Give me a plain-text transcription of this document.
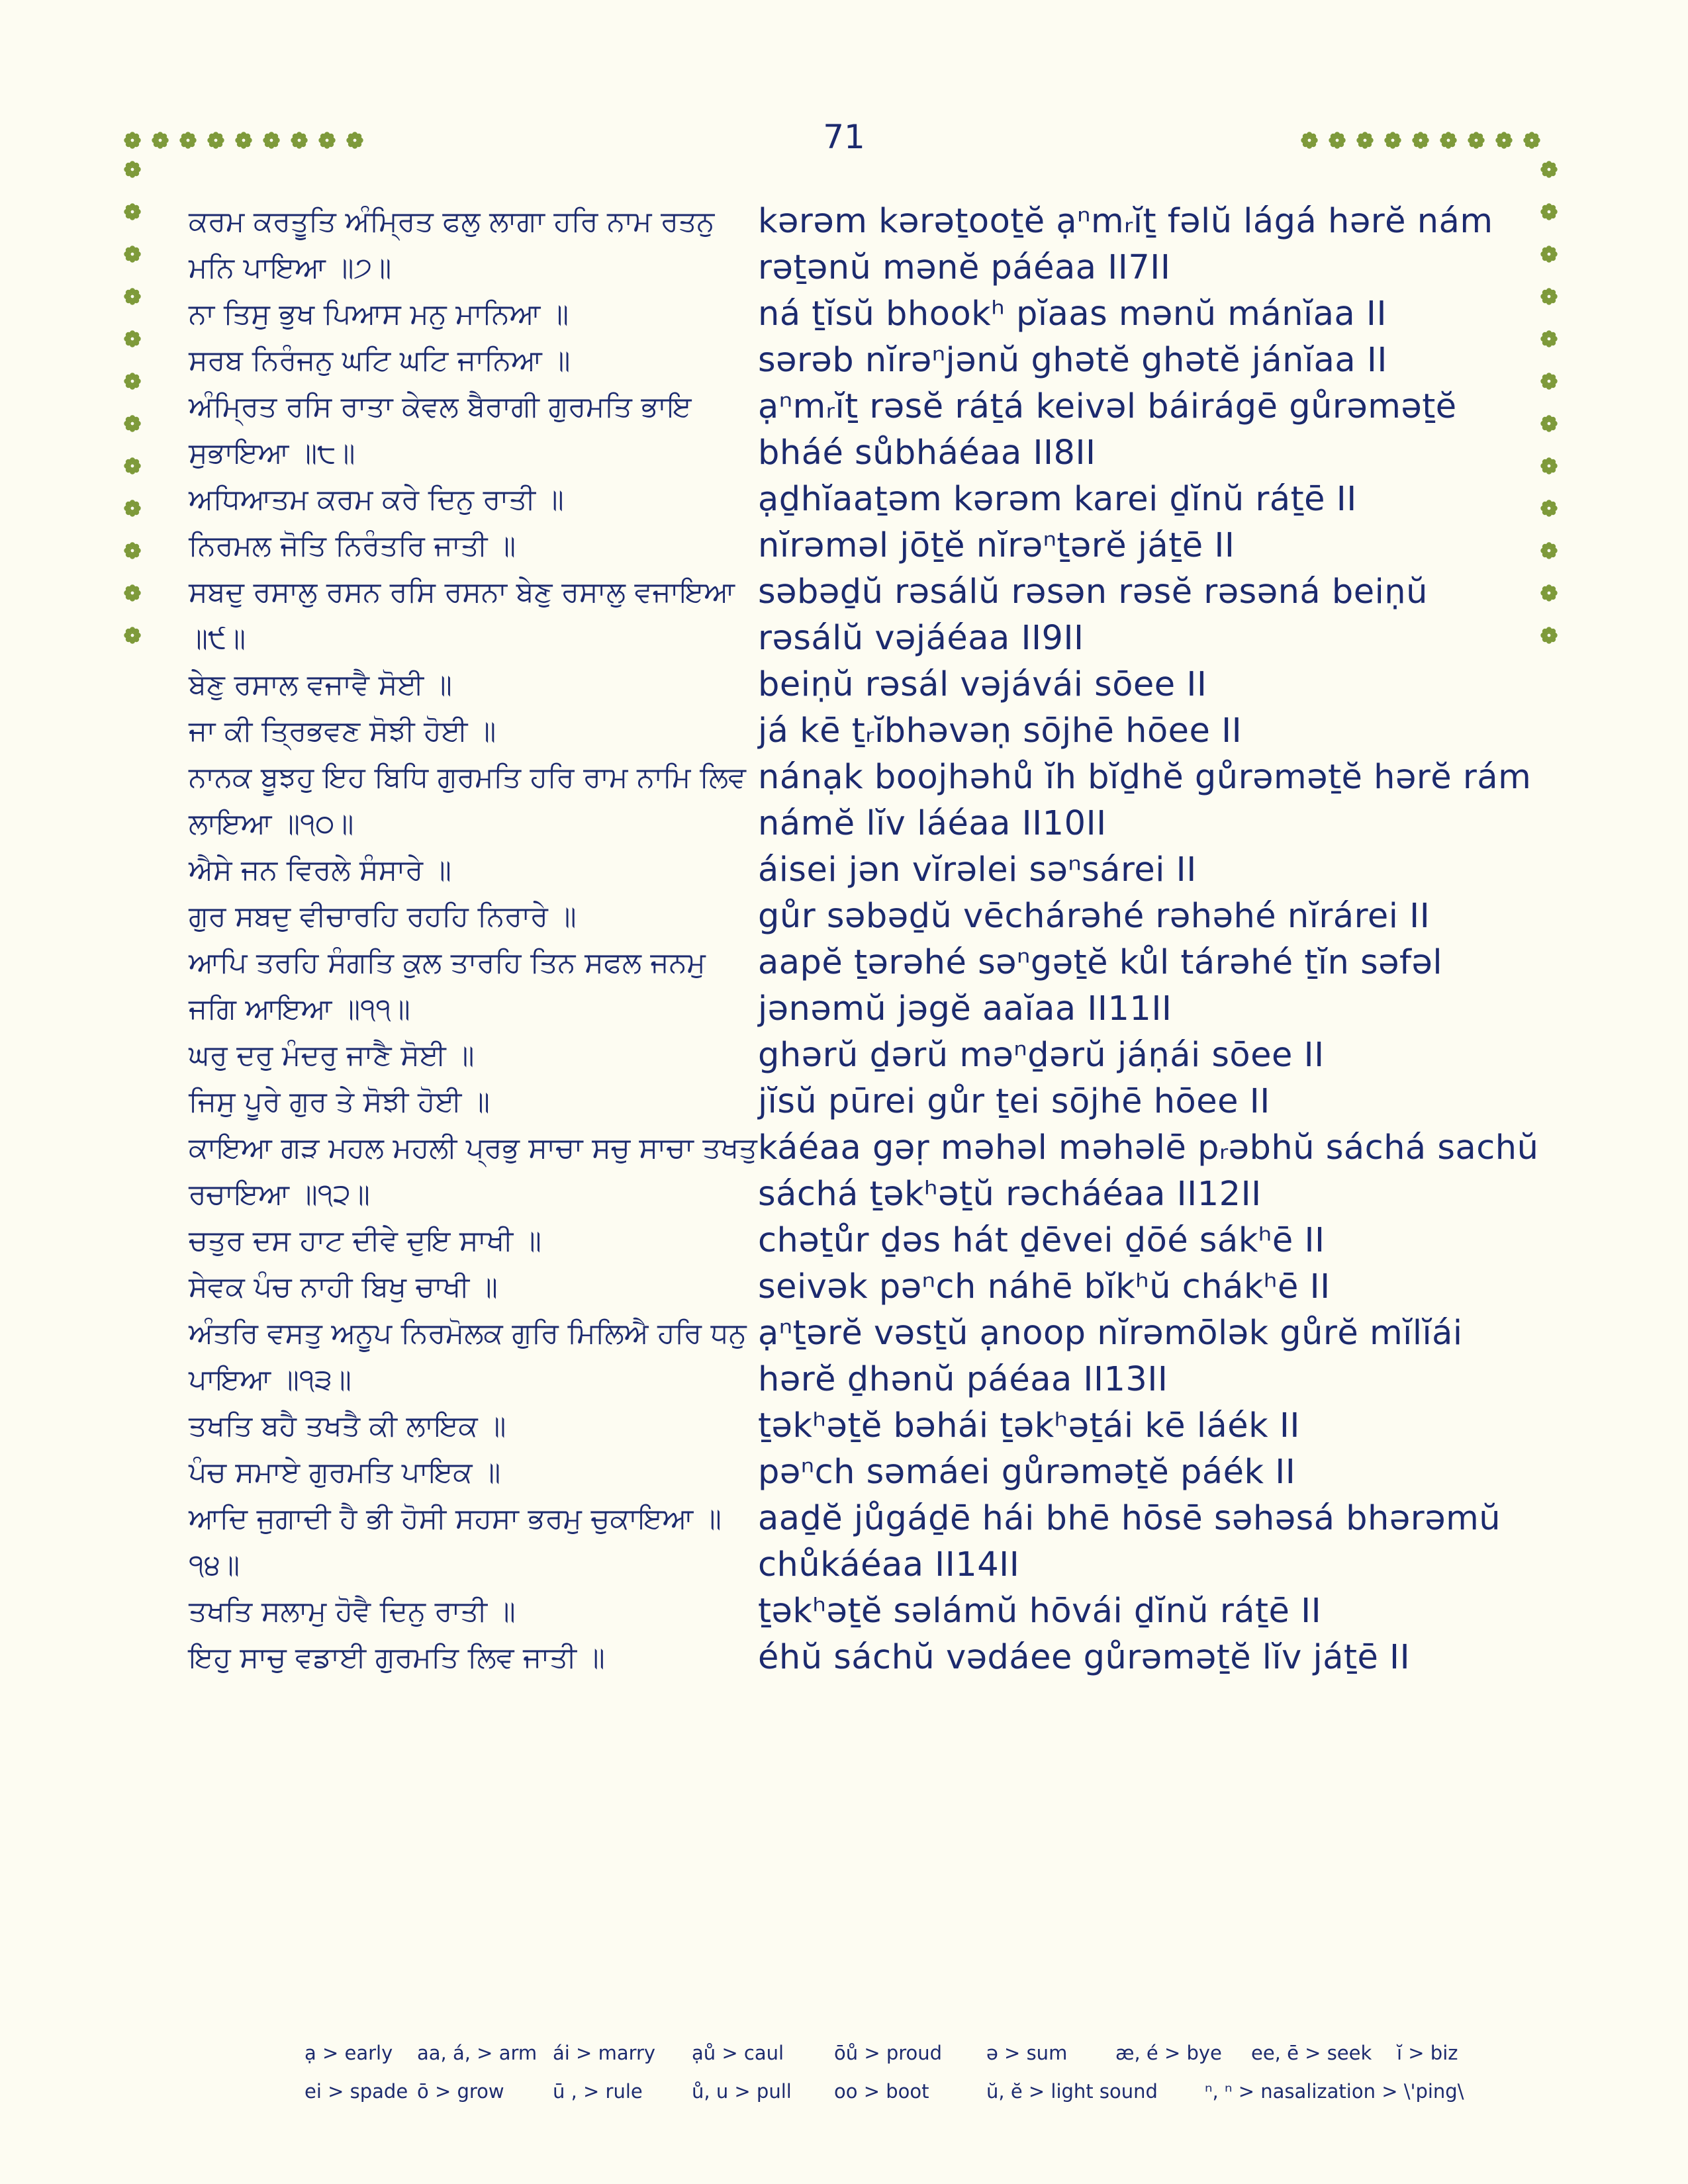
71
ਕਰਮ ਕਰਤੂਤਿ ਅੰਮ੍ਰਿਤ ਫਲੁ ਲਾਗਾ ਹਰਿ ਨਾਮ ਰਤਨੁ ਮਨਿ ਪਾਇਆ ॥੭॥
kərəm kərəṯooṯĕ ạⁿmᵣĭṯ fəlŭ lágá hərĕ nám rəṯənŭ mənĕ páéaa II7II
ਨਾ ਤਿਸੁ ਭੁਖ ਪਿਆਸ ਮਨੁ ਮਾਨਿਆ ॥	ná ṯĭsŭ bhookʰ pĭaas mənŭ mánĭaa II
ਸਰਬ ਨਿਰੰਜਨੁ ਘਟਿ ਘਟਿ ਜਾਨਿਆ ॥	sərəb nĭrəⁿjənŭ ghətĕ ghətĕ jánĭaa II
ਅੰਮ੍ਰਿਤ ਰਸਿ ਰਾਤਾ ਕੇਵਲ ਬੈਰਾਗੀ ਗੁਰਮਤਿ ਭਾਇ ਸੁਭਾਇਆ ॥੮॥
ạⁿmᵣĭṯ rəsĕ ráṯá keivəl báirágē gůrəməṯĕ bháé sůbháéaa II8II
ਅਧਿਆਤਮ ਕਰਮ ਕਰੇ ਦਿਨੁ ਰਾਤੀ ॥	ạḏhĭaaṯəm kərəm karei ḏĭnŭ ráṯē II
ਨਿਰਮਲ ਜੋਤਿ ਨਿਰੰਤਰਿ ਜਾਤੀ ॥	nĭrəməl jōṯĕ nĭrəⁿṯərĕ jáṯē II
ਸਬਦੁ ਰਸਾਲੁ ਰਸਨ ਰਸਿ ਰਸਨਾ ਬੇਣੁ ਰਸਾਲੁ ਵਜਾਇਆ ॥੯॥
səbəḏŭ rəsálŭ rəsən rəsĕ rəsəná beiṇŭ rəsálŭ vəjáéaa II9II
ਬੇਣੁ ਰਸਾਲ ਵਜਾਵੈ ਸੋਈ ॥	beiṇŭ rəsál vəjávái sōee II
ਜਾ ਕੀ ਤ੍ਰਿਭਵਣ ਸੋਝੀ ਹੋਈ ॥	já kē ṯᵣĭbhəvəṇ sōjhē hōee II
ਨਾਨਕ ਬੂਝਹੁ ਇਹ ਬਿਧਿ ਗੁਰਮਤਿ ਹਰਿ ਰਾਮ ਨਾਮਿ ਲਿਵ ਲਾਇਆ ॥੧੦॥
nánạk boojhəhů ĭh bĭḏhĕ gůrəməṯĕ hərĕ rám námĕ lĭv láéaa II10II
ਐਸੇ ਜਨ ਵਿਰਲੇ ਸੰਸਾਰੇ ॥	áisei jən vĭrəlei səⁿsárei II
ਗੁਰ ਸਬਦੁ ਵੀਚਾਰਹਿ ਰਹਹਿ ਨਿਰਾਰੇ ॥	gůr səbəḏŭ vēchárəhé rəhəhé nĭrárei II
ਆਪਿ ਤਰਹਿ ਸੰਗਤਿ ਕੁਲ ਤਾਰਹਿ ਤਿਨ ਸਫਲ ਜਨਮੁ ਜਗਿ ਆਇਆ ॥੧੧॥
aapĕ ṯərəhé səⁿgəṯĕ kůl tárəhé ṯĭn səfəl jənəmŭ jəgĕ aaĭaa II11II
ਘਰੁ ਦਰੁ ਮੰਦਰੁ ਜਾਣੈ ਸੋਈ ॥	ghərŭ ḏərŭ məⁿḏərŭ jáṇái sōee II
ਜਿਸੁ ਪੂਰੇ ਗੁਰ ਤੇ ਸੋਝੀ ਹੋਈ ॥	jĭsŭ pūrei gůr ṯei sōjhē hōee II
ਕਾਇਆ ਗੜ ਮਹਲ ਮਹਲੀ ਪ੍ਰਭੁ ਸਾਚਾ ਸਚੁ ਸਾਚਾ ਤਖਤੁ ਰਚਾਇਆ ॥੧੨॥
káéaa gəṛ məhəl məhəlē pᵣəbhŭ sáchá sachŭ sáchá ṯəkʰəṯŭ rəcháéaa II12II
ਚਤੁਰ ਦਸ ਹਾਟ ਦੀਵੇ ਦੁਇ ਸਾਖੀ ॥	chəṯůr ḏəs hát ḏēvei ḏōé sákʰē II
ਸੇਵਕ ਪੰਚ ਨਾਹੀ ਬਿਖੁ ਚਾਖੀ ॥	seivək pəⁿch náhē bĭkʰŭ chákʰē II
ਅੰਤਰਿ ਵਸਤੁ ਅਨੂਪ ਨਿਰਮੋਲਕ ਗੁਰਿ ਮਿਲਿਐ ਹਰਿ ਧਨੁ ਪਾਇਆ ॥੧੩॥
ạⁿṯərĕ vəsṯŭ ạnoop nĭrəmōlək gůrĕ mĭlĭái hərĕ ḏhənŭ páéaa II13II
ਤਖਤਿ ਬਹੈ ਤਖਤੈ ਕੀ ਲਾਇਕ ॥	ṯəkʰəṯĕ bəhái ṯəkʰəṯái kē láék II
ਪੰਚ ਸਮਾਏ ਗੁਰਮਤਿ ਪਾਇਕ ॥	pəⁿch səmáei gůrəməṯĕ páék II
ਆਦਿ ਜੁਗਾਦੀ ਹੈ ਭੀ ਹੋਸੀ ਸਹਸਾ ਭਰਮੁ ਚੁਕਾਇਆ ॥੧੪॥
aaḏĕ jůgáḏē hái bhē hōsē səhəsá bhərəmŭ chůkáéaa II14II
ਤਖਤਿ ਸਲਾਮੁ ਹੋਵੈ ਦਿਨੁ ਰਾਤੀ ॥	ṯəkʰəṯĕ səlámŭ hōvái ḏĭnŭ ráṯē II
ਇਹੁ ਸਾਚੁ ਵਡਾਈ ਗੁਰਮਤਿ ਲਿਵ ਜਾਤੀ ॥	éhŭ sáchŭ vədáee gůrəməṯĕ lĭv jáṯē II
ạ > early aa, á, > arm ái > marry ạů > caul	ōů > proud ə > sum	æ, é > bye ee, ē > seek ĭ > biz
ei > spade ō > grow	ū , > rule	ů, u > pull oo > boot	ŭ, ĕ > light sound ⁿ, ⁿ > nasalization > \'ping\
